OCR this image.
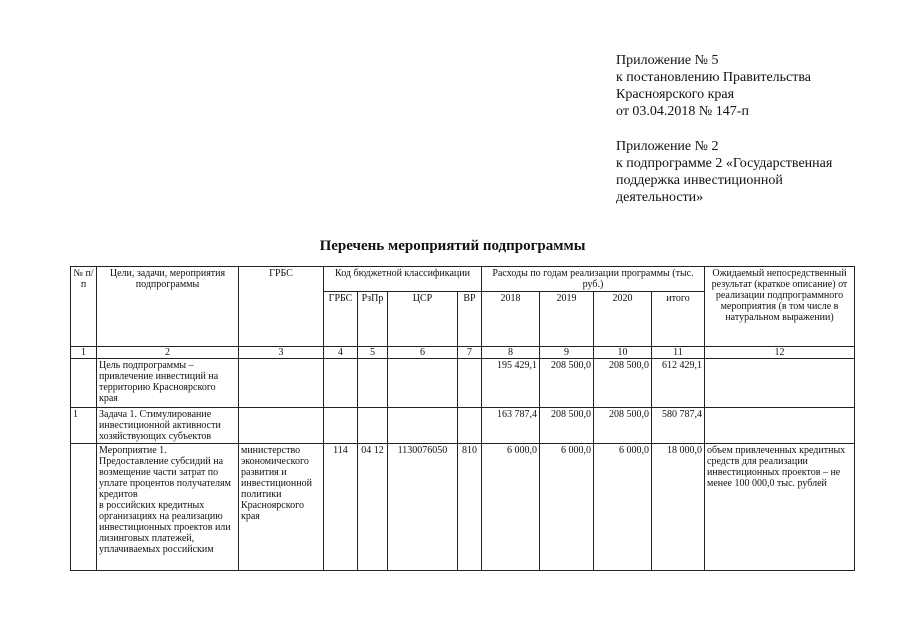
Приложение № 5
к постановлению Правительства
Красноярского края
от 03.04.2018 № 147-п
Приложение № 2
к подпрограмме 2 «Государственная
поддержка инвестиционной
деятельности»
Перечень мероприятий подпрограммы
№ п/п	Цели, задачи, мероприятия подпрограммы	ГРБС	Код бюджетной классификации				Расходы по годам реализации программы (тыс. руб.)				Ожидаемый непосредственный результат (краткое описание) от реализации подпрограммного мероприятия (в том числе в натуральном выражении)
			ГРБС	РзПр	ЦСР	ВР	2018	2019	2020	итого	
1	2	3	4	5	6	7	8	9	10	11	12
	Цель подпрограммы – привлечение инвестиций на территорию Красноярского края						195 429,1	208 500,0	208 500,0	612 429,1	
1	Задача 1. Стимулирование инвестиционной активности хозяйствующих субъектов						163 787,4	208 500,0	208 500,0	580 787,4	
	Мероприятие 1.
Предоставление субсидий на возмещение части затрат по уплате процентов получателям кредитов
в российских кредитных организациях на реализацию инвестиционных проектов или лизинговых платежей, уплачиваемых российским	министерство экономического развития и инвестиционной политики Красноярского края	114	04 12	1130076050	810	6 000,0	6 000,0	6 000,0	18 000,0	объем привлеченных кредитных средств для реализации инвестиционных проектов – не менее 100 000,0 тыс. рублей
